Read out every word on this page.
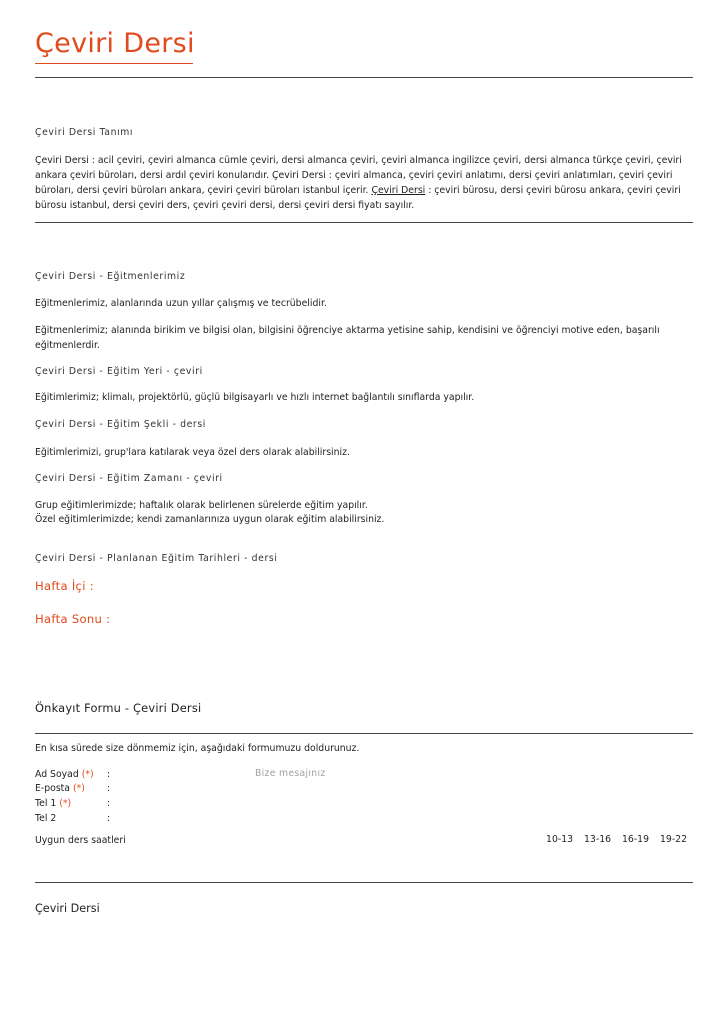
Çeviri Dersi

Çeviri Dersi Tanımı

Çeviri Dersi : acil çeviri, çeviri almanca cümle çeviri, dersi almanca çeviri, çeviri almanca ingilizce çeviri, dersi almanca türkçe çeviri, çeviri ankara çeviri büroları, dersi ardıl çeviri konularıdır. Çeviri Dersi : çeviri almanca, çeviri çeviri anlatımı, dersi çeviri anlatımları, çeviri çeviri büroları, dersi çeviri büroları ankara, çeviri çeviri büroları istanbul içerir. Çeviri Dersi : çeviri bürosu, dersi çeviri bürosu ankara, çeviri çeviri bürosu istanbul, dersi çeviri ders, çeviri çeviri dersi, dersi çeviri dersi fiyatı sayılır.

Çeviri Dersi - Eğitmenlerimiz

Eğitmenlerimiz, alanlarında uzun yıllar çalışmış ve tecrübelidir.

Eğitmenlerimiz; alanında birikim ve bilgisi olan, bilgisini öğrenciye aktarma yetisine sahip, kendisini ve öğrenciyi motive eden, başarılı eğitmenlerdir.

Çeviri Dersi - Eğitim Yeri - çeviri

Eğitimlerimiz; klimalı, projektörlü, güçlü bilgisayarlı ve hızlı internet bağlantılı sınıflarda yapılır.

Çeviri Dersi - Eğitim Şekli - dersi

Eğitimlerimizi, grup'lara katılarak veya özel ders olarak alabilirsiniz.

Çeviri Dersi - Eğitim Zamanı - çeviri

Grup eğitimlerimizde; haftalık olarak belirlenen sürelerde eğitim yapılır.

Özel eğitimlerimizde; kendi zamanlarınıza uygun olarak eğitim alabilirsiniz.

Çeviri Dersi - Planlanan Eğitim Tarihleri - dersi

Hafta İçi :

Hafta Sonu :

Önkayıt Formu - Çeviri Dersi

En kısa sürede size dönmemiz için, aşağıdaki formumuzu doldurunuz.

Ad Soyad (*) :
E-posta (*) :
Tel 1 (*)	:
Tel 2	:
Bize mesajınız

Uygun ders saatleri	10-13 13-16 16-19 19-22

Çeviri Dersi
